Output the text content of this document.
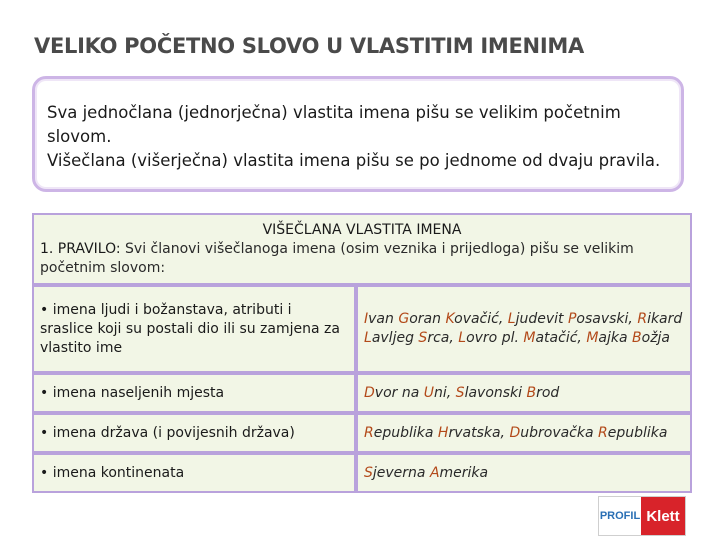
VELIKO POČETNO SLOVO U VLASTITIM IMENIMA

Sva jednočlana (jednorječna) vlastita imena pišu se velikim početnim slovom.

Višečlana (višerječna) vlastita imena pišu se po jednome od dvaju pravila.

VIŠEČLANA VLASTITA IMENA
1. PRAVILO: Svi članovi višečlanoga imena (osim veznika i prijedloga) pišu se velikim početnim slovom:	
• imena ljudi i božanstava, atributi i sraslice koji su postali dio ili su zamjena za vlastito ime	Ivan Goran Kovačić, Ljudevit Posavski, Rikard Lavljeg Srca, Lovro pl. Matačić, Majka Božja
• imena naseljenih mjesta	Dvor na Uni, Slavonski Brod
• imena država (i povijesnih država)	Republika Hrvatska, Dubrovačka Republika
• imena kontinenata	Sjeverna Amerika
PROFIL Klett
